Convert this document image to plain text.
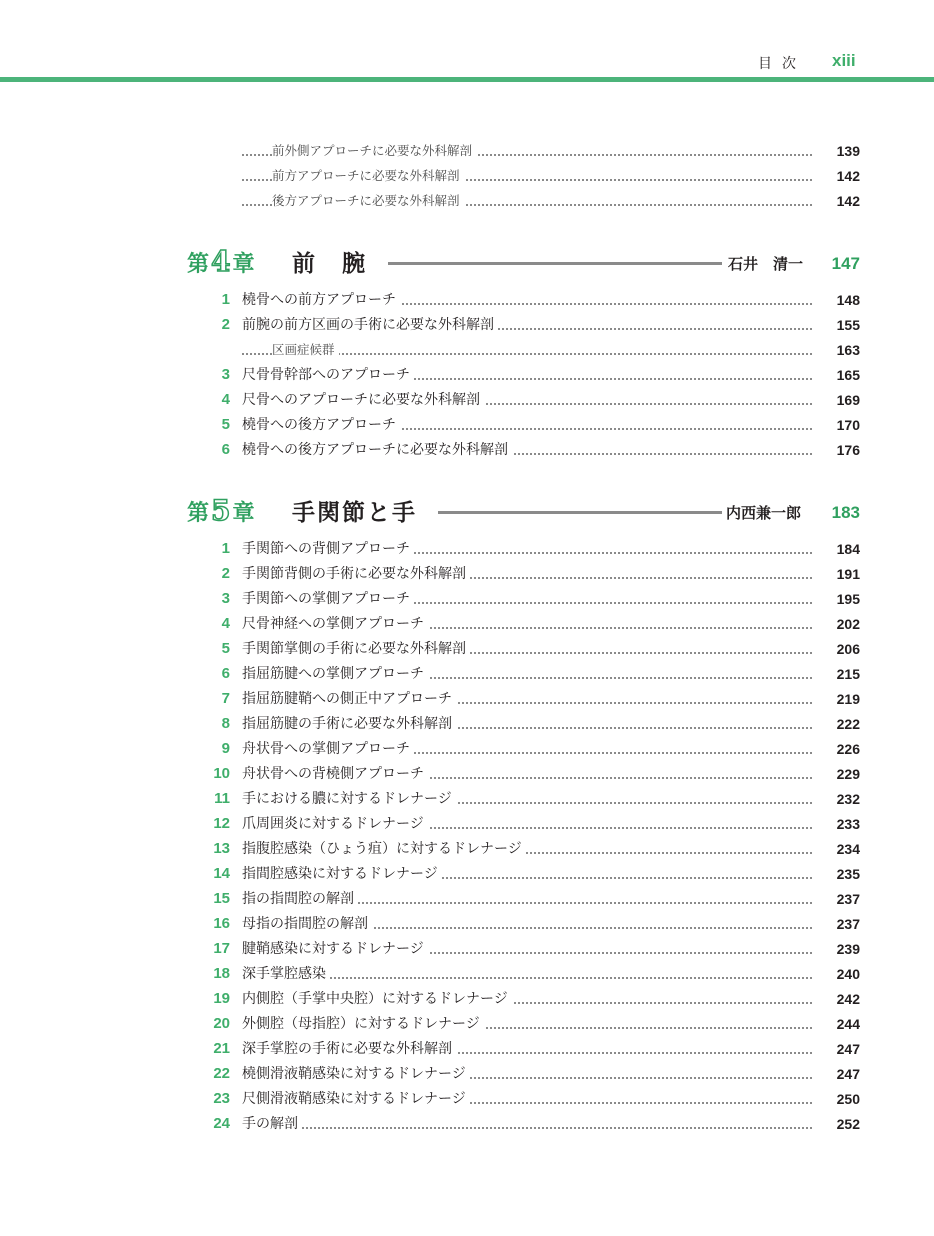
目次 xiii
前外側アプローチに必要な外科解剖	139
前方アプローチに必要な外科解剖	142
後方アプローチに必要な外科解剖	142
第4章 前　腕	石井　清一 147
1 橈骨への前方アプローチ	148
2 前腕の前方区画の手術に必要な外科解剖	155
区画症候群	163
3 尺骨骨幹部へのアプローチ	165
4 尺骨へのアプローチに必要な外科解剖	169
5 橈骨への後方アプローチ	170
6 橈骨への後方アプローチに必要な外科解剖	176
第5章 手関節と手	内西兼一郎 183
1 手関節への背側アプローチ	184
2 手関節背側の手術に必要な外科解剖	191
3 手関節への掌側アプローチ	195
4 尺骨神経への掌側アプローチ	202
5 手関節掌側の手術に必要な外科解剖	206
6 指屈筋腱への掌側アプローチ	215
7 指屈筋腱鞘への側正中アプローチ	219
8 指屈筋腱の手術に必要な外科解剖	222
9 舟状骨への掌側アプローチ	226
10 舟状骨への背橈側アプローチ	229
11 手における膿に対するドレナージ	232
12 爪周囲炎に対するドレナージ	233
13 指腹腔感染（ひょう疽）に対するドレナージ	234
14 指間腔感染に対するドレナージ	235
15 指の指間腔の解剖	237
16 母指の指間腔の解剖	237
17 腱鞘感染に対するドレナージ	239
18 深手掌腔感染	240
19 内側腔（手掌中央腔）に対するドレナージ	242
20 外側腔（母指腔）に対するドレナージ	244
21 深手掌腔の手術に必要な外科解剖	247
22 橈側滑液鞘感染に対するドレナージ	247
23 尺側滑液鞘感染に対するドレナージ	250
24 手の解剖	252
